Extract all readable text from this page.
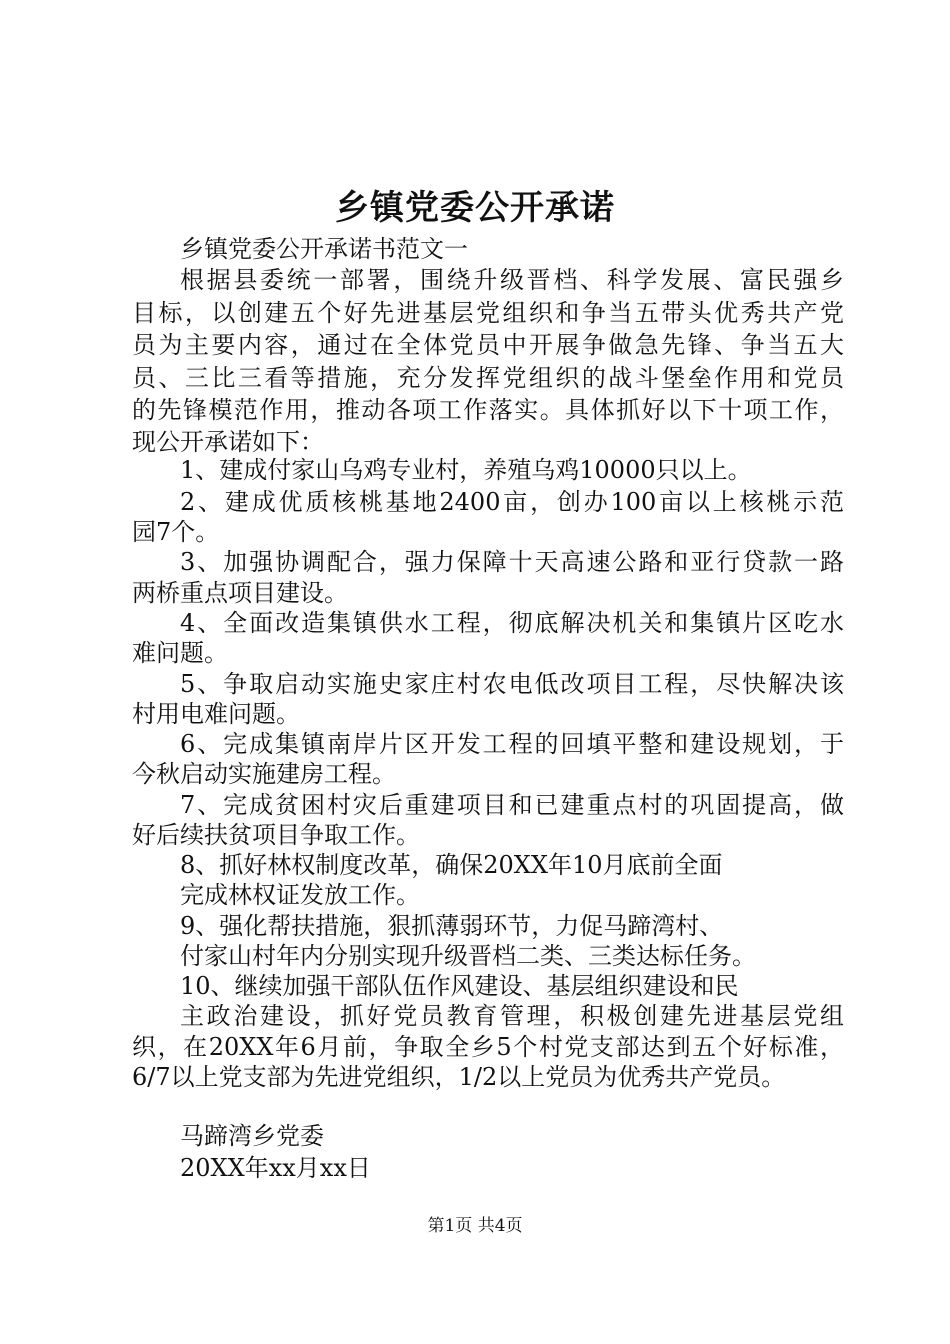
乡镇党委公开承诺
乡镇党委公开承诺书范文一
根据县委统一部署，围绕升级晋档、科学发展、富民强乡
目标，以创建五个好先进基层党组织和争当五带头优秀共产党
员为主要内容，通过在全体党员中开展争做急先锋、争当五大
员、三比三看等措施，充分发挥党组织的战斗堡垒作用和党员
的先锋模范作用，推动各项工作落实。具体抓好以下十项工作，
现公开承诺如下：
1、建成付家山乌鸡专业村，养殖乌鸡10000只以上。
2、建成优质核桃基地2400亩，创办100亩以上核桃示范
园7个。
3、加强协调配合，强力保障十天高速公路和亚行贷款一路
两桥重点项目建设。
4、全面改造集镇供水工程，彻底解决机关和集镇片区吃水
难问题。
5、争取启动实施史家庄村农电低改项目工程，尽快解决该
村用电难问题。
6、完成集镇南岸片区开发工程的回填平整和建设规划，于
今秋启动实施建房工程。
7、完成贫困村灾后重建项目和已建重点村的巩固提高，做
好后续扶贫项目争取工作。
8、抓好林权制度改革，确保20XX年10月底前全面
完成林权证发放工作。
9、强化帮扶措施，狠抓薄弱环节，力促马蹄湾村、
付家山村年内分别实现升级晋档二类、三类达标任务。
10、继续加强干部队伍作风建设、基层组织建设和民
主政治建设，抓好党员教育管理，积极创建先进基层党组
织，在20XX年6月前，争取全乡5个村党支部达到五个好标准，
6/7以上党支部为先进党组织，1/2以上党员为优秀共产党员。
马蹄湾乡党委
20XX年xx月xx日
第1页 共4页
